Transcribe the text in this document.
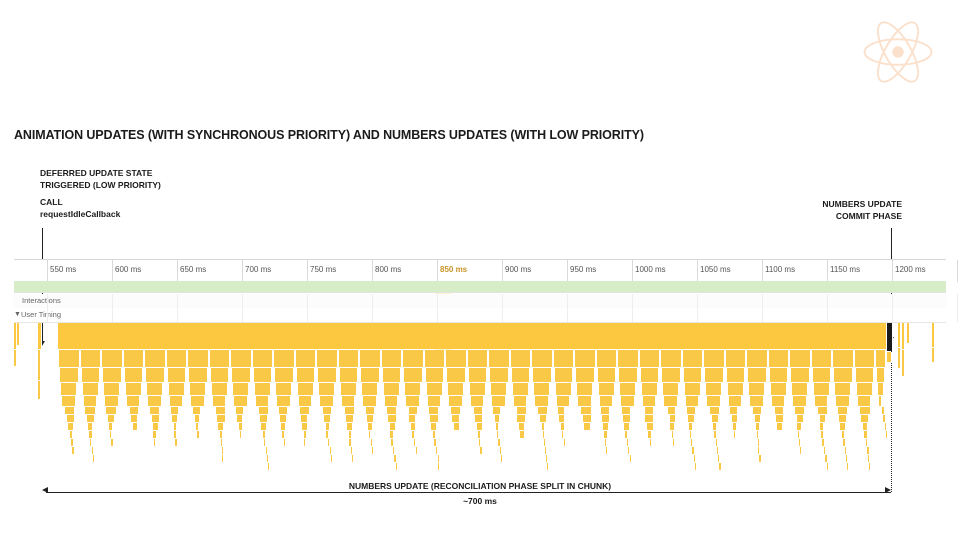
ANIMATION UPDATES (WITH SYNCHRONOUS PRIORITY) AND NUMBERS UPDATES (WITH LOW PRIORITY)
DEFERRED UPDATE STATE
TRIGGERED (LOW PRIORITY)
CALL
requestIdleCallback
NUMBERS UPDATE
COMMIT PHASE
550 ms	600 ms	650 ms	700 ms	750 ms	800 ms	850 ms	900 ms	950 ms	1000 ms	1050 ms	1100 ms	1150 ms	1200 ms
Interactions
▼ User Timing
NUMBERS UPDATE (RECONCILIATION PHASE SPLIT IN CHUNK)
~700 ms
